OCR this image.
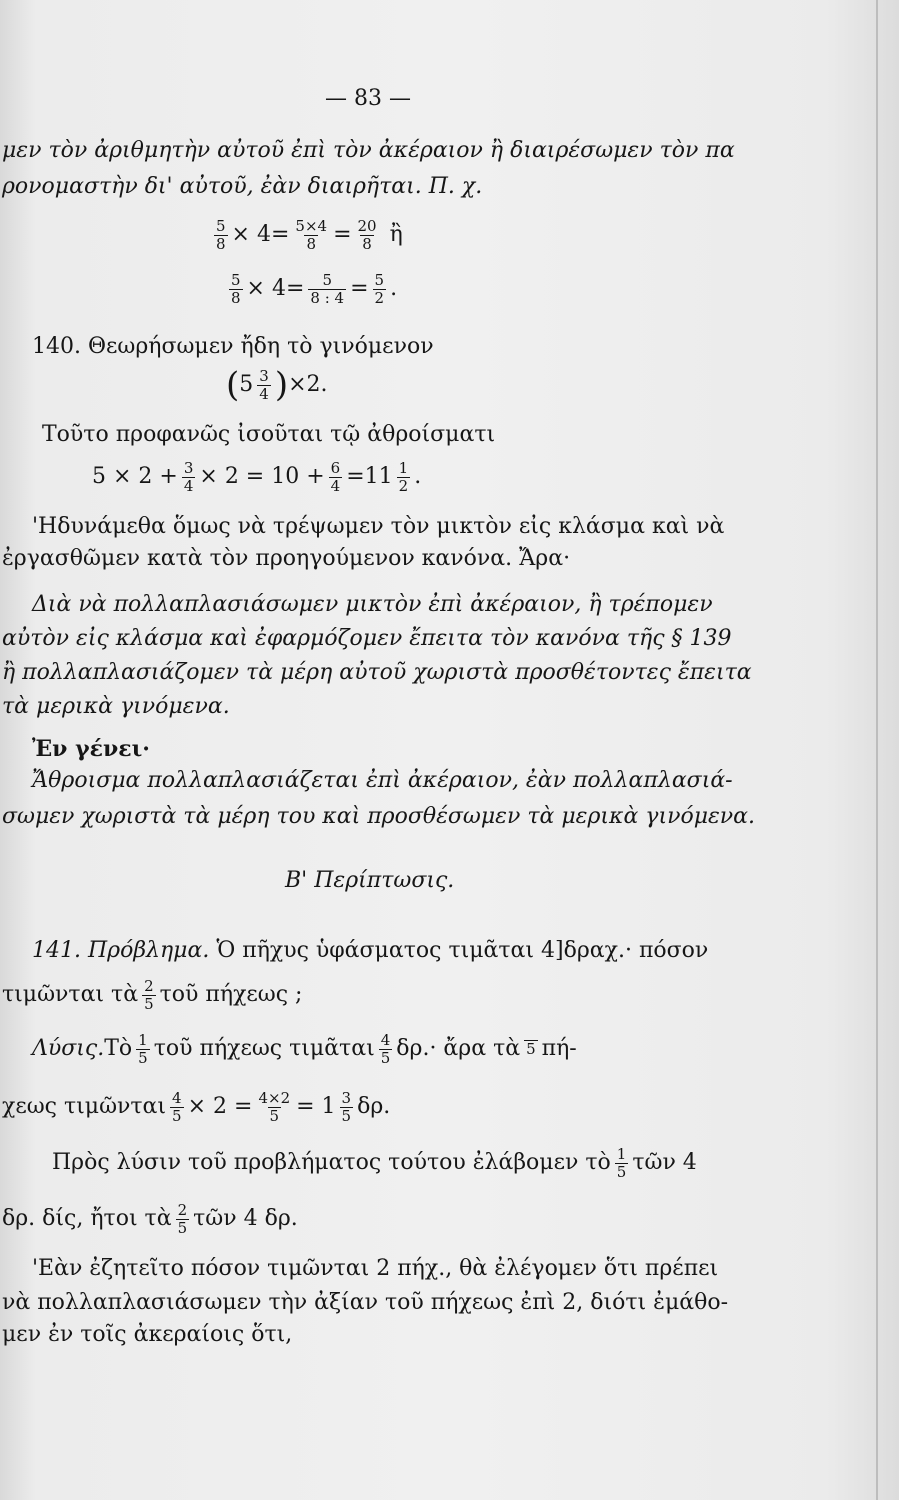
— 83 —
μεν τὸν ἀριθμητὴν αὐτοῦ ἐπὶ τὸν ἀκέραιον ἢ διαιρέσωμεν τὸν πα
ρονομαστὴν δι' αὐτοῦ, ἐὰν διαιρῆται. Π. χ.
$\frac{5}{8} \times 4= \frac{5\times 4}{8} = \frac{20}{8}$ ἢ
$\frac{5}{8} \times 4= \frac{5}{8 : 4} = \frac{5}{2}$ .
140. Θεωρήσωμεν ἤδη τὸ γινόμενον
$(5 \frac{3}{4} )\times 2$.
Τοῦτο προφανῶς ἰσοῦται τῷ ἀθροίσματι
$5 \times 2 + \frac{3}{4} \times 2 = 10 + \frac{6}{4} =11 \frac{1}{2}$ .
'Ηδυνάμεθα ὅμως νὰ τρέψωμεν τὸν μικτὸν εἰς κλάσμα καὶ νὰ
ἐργασθῶμεν κατὰ τὸν προηγούμενον κανόνα. Ἄρα·
Διὰ νὰ πολλαπλασιάσωμεν μικτὸν ἐπὶ ἀκέραιον, ἢ τρέπομεν
αὐτὸν εἰς κλάσμα καὶ ἐφαρμόζομεν ἔπειτα τὸν κανόνα τῆς § 139
ἢ πολλαπλασιάζομεν τὰ μέρη αὐτοῦ χωριστὰ προσθέτοντες ἔπειτα
τὰ μερικὰ γινόμενα.
Ἐν γένει·
Ἄθροισμα πολλαπλασιάζεται ἐπὶ ἀκέραιον, ἐὰν πολλαπλασιά-
σωμεν χωριστὰ τὰ μέρη του καὶ προσθέσωμεν τὰ μερικὰ γινόμενα.
Β' Περίπτωσις.
141. Πρόβλημα. Ὁ πῆχυς ὑφάσματος τιμᾶται 4]δραχ.· πόσον
τιμῶνται τὰ $\frac{2}{5}$ τοῦ πήχεως ;
Λύσις.Τὸ $\frac{1}{5}$ τοῦ πήχεως τιμᾶται $\frac{4}{5} \delta\rho.\cdot$ ἄρα τὰ 5 πή-
χεως τιμῶνται $\frac{4}{5} \times 2 = \frac{4\times 2}{5} = 1 \frac{3}{5} \delta\rho$.
Πρὸς λύσιν τοῦ προβλήματος τούτου ἐλάβομεν τὸ $\frac{1}{5}$ τῶν 4
δρ. δίς, ἤτοι τὰ $\frac{2}{5}$ τῶν 4 δρ.
'Εὰν ἐζητεῖτο πόσον τιμῶνται 2 πήχ., θὰ ἐλέγομεν ὅτι πρέπει
νὰ πολλαπλασιάσωμεν τὴν ἀξίαν τοῦ πήχεως ἐπὶ 2, διότι ἐμάθο-
μεν ἐν τοῖς ἀκεραίοις ὅτι,
